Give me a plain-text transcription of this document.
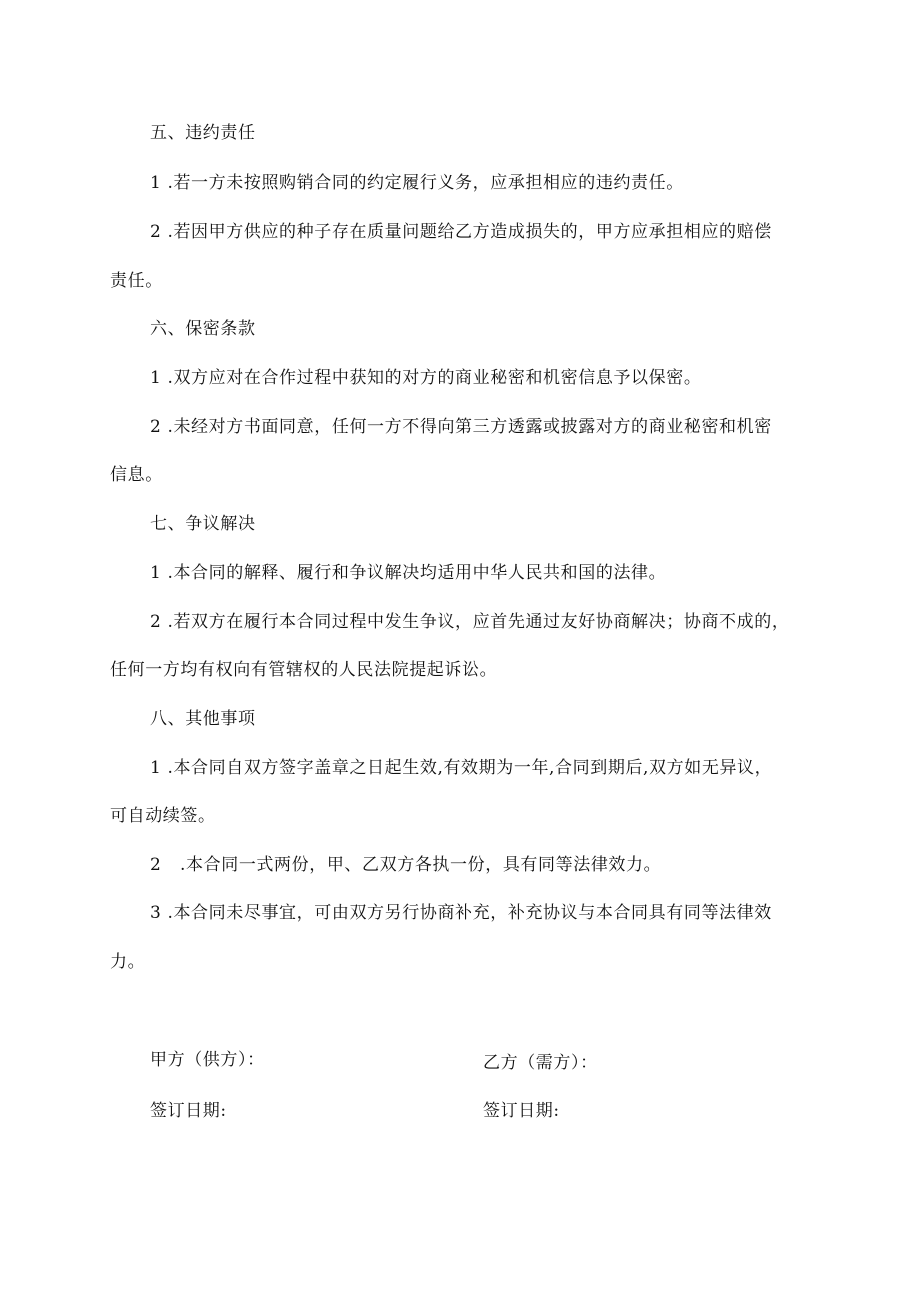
五、违约责任
1 .若一方未按照购销合同的约定履行义务，应承担相应的违约责任。
2 .若因甲方供应的种子存在质量问题给乙方造成损失的，甲方应承担相应的赔偿
责任。
六、保密条款
1 .双方应对在合作过程中获知的对方的商业秘密和机密信息予以保密。
2 .未经对方书面同意，任何一方不得向第三方透露或披露对方的商业秘密和机密
信息。
七、争议解决
1 .本合同的解释、履行和争议解决均适用中华人民共和国的法律。
2 .若双方在履行本合同过程中发生争议，应首先通过友好协商解决；协商不成的，
任何一方均有权向有管辖权的人民法院提起诉讼。
八、其他事项
1 .本合同自双方签字盖章之日起生效,有效期为一年,合同到期后,双方如无异议，
可自动续签。
2 .本合同一式两份，甲、乙双方各执一份，具有同等法律效力。
3 .本合同未尽事宜，可由双方另行协商补充，补充协议与本合同具有同等法律效
力。
甲方（供方）：	乙方（需方）：
签订日期:	签订日期:
